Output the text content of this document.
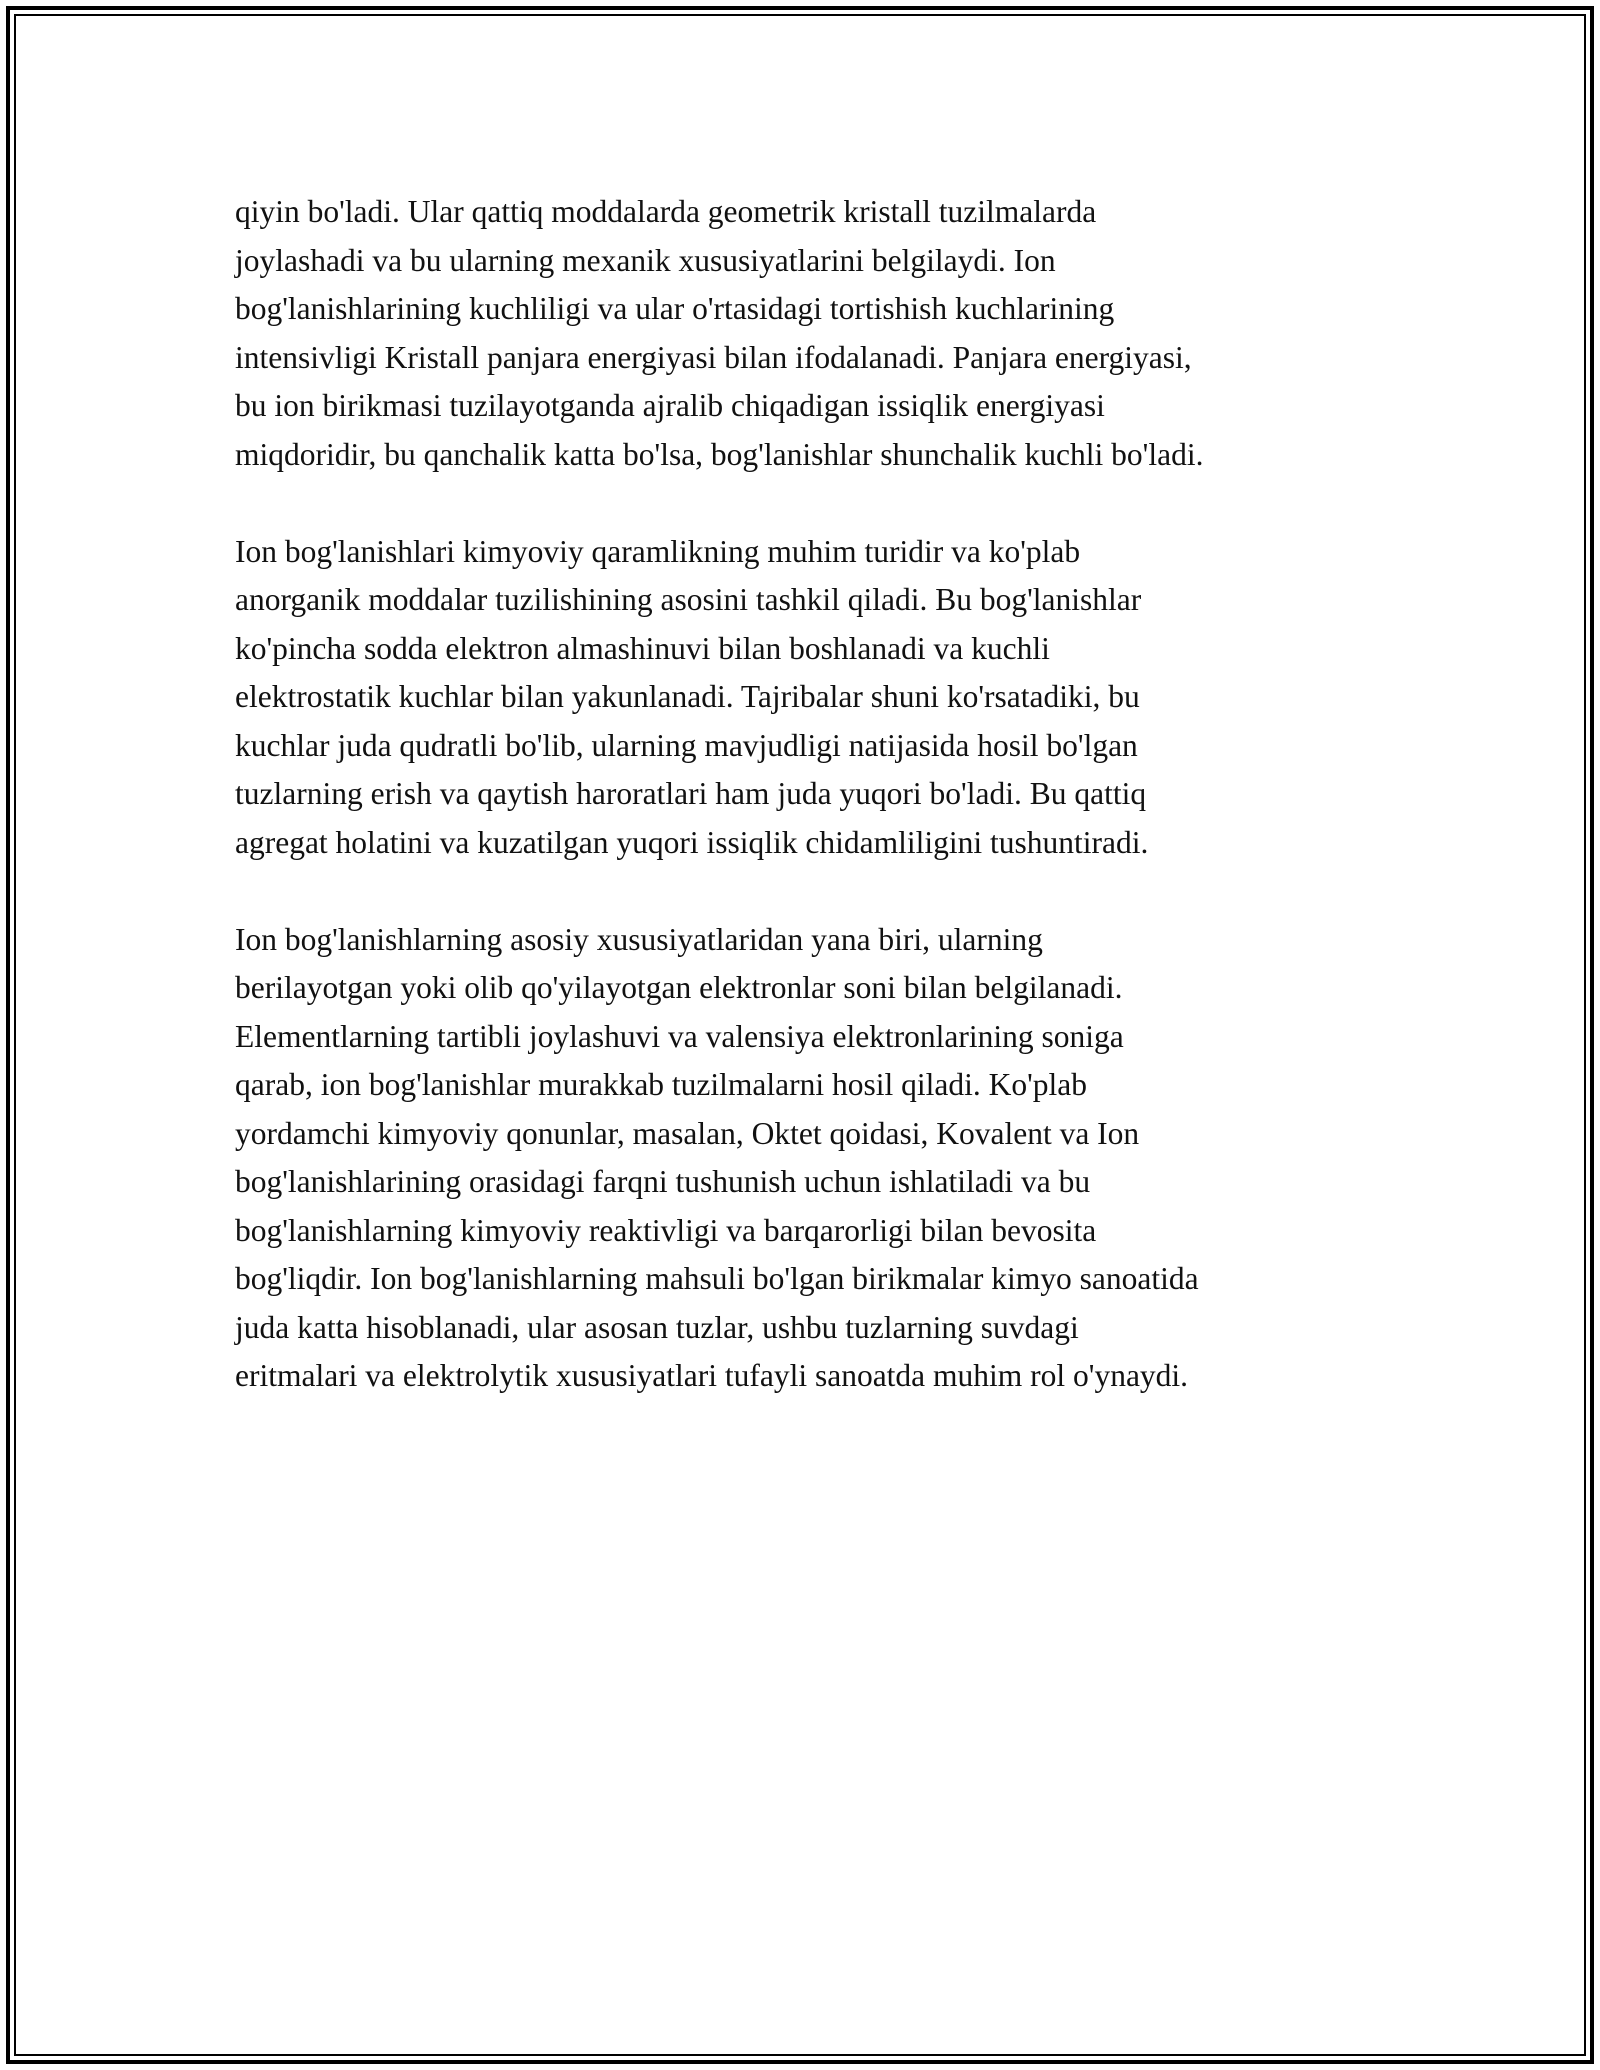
qiyin bo'ladi. Ular qattiq moddalarda geometrik kristall tuzilmalarda
joylashadi va bu ularning mexanik xususiyatlarini belgilaydi. Ion
bog'lanishlarining kuchliligi va ular o'rtasidagi tortishish kuchlarining
intensivligi Kristall panjara energiyasi bilan ifodalanadi. Panjara energiyasi,
bu ion birikmasi tuzilayotganda ajralib chiqadigan issiqlik energiyasi
miqdoridir, bu qanchalik katta bo'lsa, bog'lanishlar shunchalik kuchli bo'ladi.

Ion bog'lanishlari kimyoviy qaramlikning muhim turidir va ko'plab
anorganik moddalar tuzilishining asosini tashkil qiladi. Bu bog'lanishlar
ko'pincha sodda elektron almashinuvi bilan boshlanadi va kuchli
elektrostatik kuchlar bilan yakunlanadi. Tajribalar shuni ko'rsatadiki, bu
kuchlar juda qudratli bo'lib, ularning mavjudligi natijasida hosil bo'lgan
tuzlarning erish va qaytish haroratlari ham juda yuqori bo'ladi. Bu qattiq
agregat holatini va kuzatilgan yuqori issiqlik chidamliligini tushuntiradi.

Ion bog'lanishlarning asosiy xususiyatlaridan yana biri, ularning
berilayotgan yoki olib qo'yilayotgan elektronlar soni bilan belgilanadi.
Elementlarning tartibli joylashuvi va valensiya elektronlarining soniga
qarab, ion bog'lanishlar murakkab tuzilmalarni hosil qiladi. Ko'plab
yordamchi kimyoviy qonunlar, masalan, Oktet qoidasi, Kovalent va Ion
bog'lanishlarining orasidagi farqni tushunish uchun ishlatiladi va bu
bog'lanishlarning kimyoviy reaktivligi va barqarorligi bilan bevosita
bog'liqdir. Ion bog'lanishlarning mahsuli bo'lgan birikmalar kimyo sanoatida
juda katta hisoblanadi, ular asosan tuzlar, ushbu tuzlarning suvdagi
eritmalari va elektrolytik xususiyatlari tufayli sanoatda muhim rol o'ynaydi.
